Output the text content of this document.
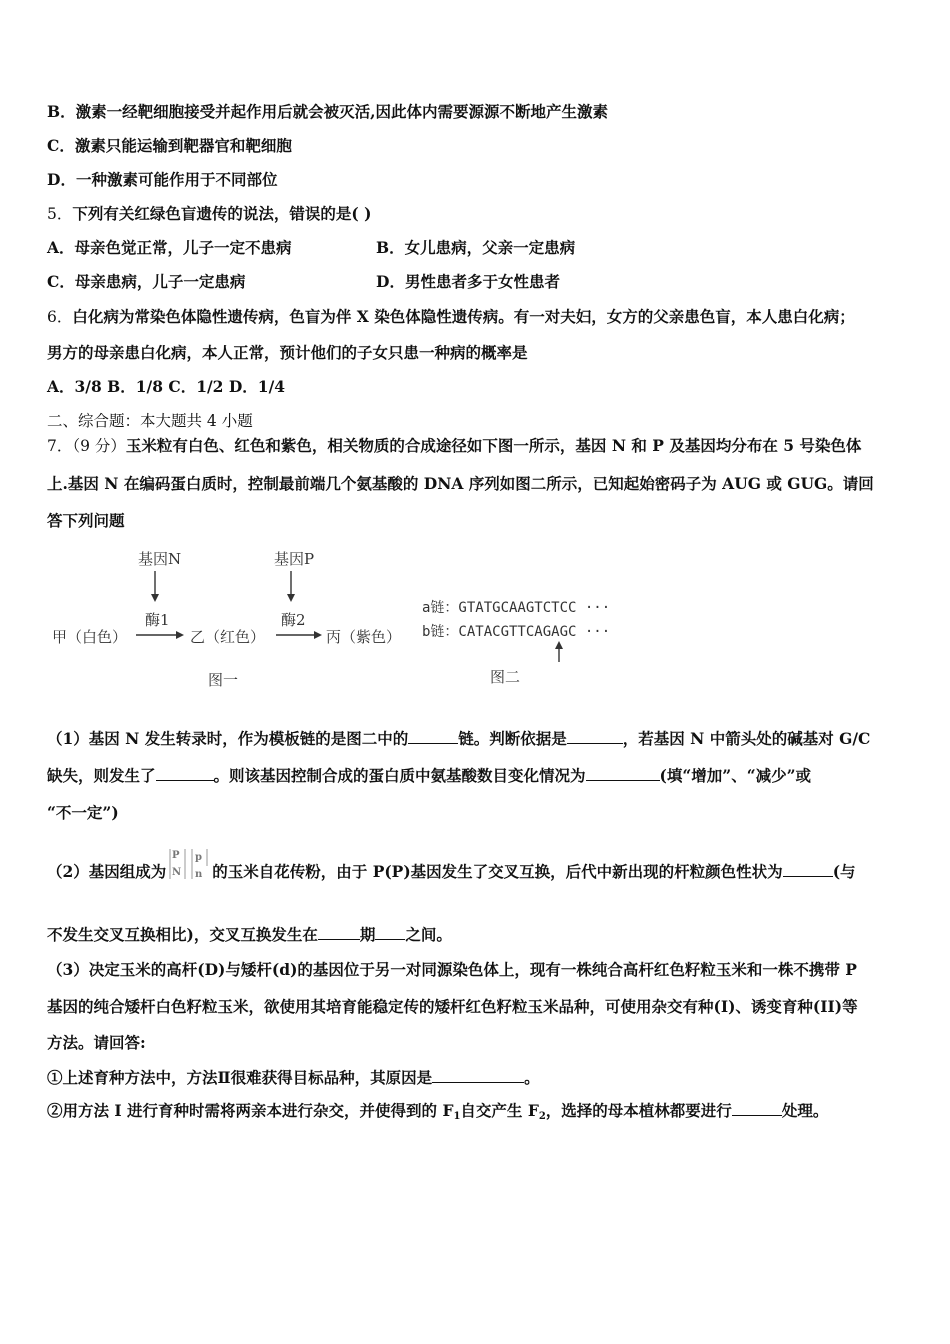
B．激素一经靶细胞接受并起作用后就会被灭活,因此体内需要源源不断地产生激素
C．激素只能运输到靶器官和靶细胞
D．一种激素可能作用于不同部位
5．下列有关红绿色盲遗传的说法，错误的是( )
A．母亲色觉正常，儿子一定不患病	B．女儿患病，父亲一定患病
C．母亲患病，儿子一定患病	D．男性患者多于女性患者
6．白化病为常染色体隐性遗传病，色盲为伴 X 染色体隐性遗传病。有一对夫妇，女方的父亲患色盲，本人患白化病；
男方的母亲患白化病，本人正常，预计他们的子女只患一种病的概率是
A．3/8 B．1/8 C．1/2 D．1/4
二、综合题：本大题共 4 小题
7．（9 分）玉米粒有白色、红色和紫色，相关物质的合成途径如下图一所示，基因 N 和 P 及基因均分布在 5 号染色体
上.基因 N 在编码蛋白质时，控制最前端几个氨基酸的 DNA 序列如图二所示，已知起始密码子为 AUG 或 GUG。请回
答下列问题
基因N
酶1
基因P
酶2
甲（白色）	乙（红色）	丙（紫色）
图一
a链：GTATGCAAGTCTCC ···
b链：CATACGTTCAGAGC ···
图二
（1）基因 N 发生转录时，作为模板链的是图二中的	链。判断依据是	，若基因 N 中箭头处的碱基对 G/C
缺失，则发生了	。则该基因控制合成的蛋白质中氨基酸数目变化情况为	(填“增加”、“减少”或
“不一定”)
（2）基因组成为
P
N
p
n 的玉米自花传粉，由于 P(P)基因发生了交叉互换，后代中新出现的杆粒颜色性状为	(与
不发生交叉互换相比)，交叉互换发生在	期 之间。
（3）决定玉米的高杆(D)与矮杆(d)的基因位于另一对同源染色体上，现有一株纯合高杆红色籽粒玉米和一株不携带 P
基因的纯合矮杆白色籽粒玉米，欲使用其培育能稳定传的矮杆红色籽粒玉米品种，可使用杂交有种(I)、诱变育种(II)等
方法。请回答:
①上述育种方法中，方法Ⅱ很难获得目标品种，其原因是	。
②用方法 I 进行育种时需将两亲本进行杂交，并使得到的 $F_1$自交产生 $F_2$，选择的母本植林都要进行	处理。
